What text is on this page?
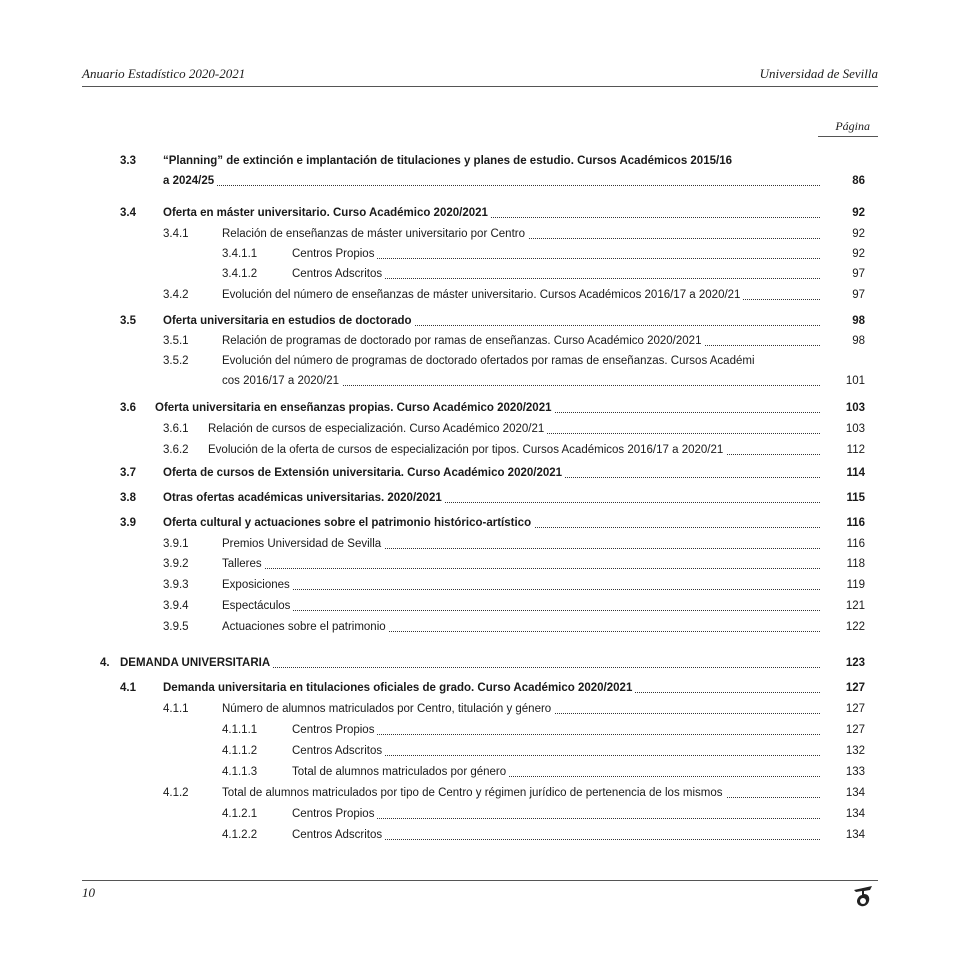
Anuario Estadístico 2020-2021	Universidad de Sevilla
Página
3.3 “Planning” de extinción e implantación de titulaciones y planes de estudio. Cursos Académicos 2015/16
a 2024/25	86
3.4 Oferta en máster universitario. Curso Académico 2020/2021	92
3.4.1	Relación de enseñanzas de máster universitario por Centro	92
3.4.1.1	Centros Propios	92
3.4.1.2	Centros Adscritos	97
3.4.2	Evolución del número de enseñanzas de máster universitario. Cursos Académicos 2016/17 a 2020/21	97
3.5 Oferta universitaria en estudios de doctorado	98
3.5.1	Relación de programas de doctorado por ramas de enseñanzas. Curso Académico 2020/2021	98
3.5.2	Evolución del número de programas de doctorado ofertados por ramas de enseñanzas. Cursos Académi
cos 2016/17 a 2020/21	101
3.6 Oferta universitaria en enseñanzas propias. Curso Académico 2020/2021	103
3.6.1 Relación de cursos de especialización. Curso Académico 2020/21	103
3.6.2 Evolución de la oferta de cursos de especialización por tipos. Cursos Académicos 2016/17 a 2020/21	112
3.7 Oferta de cursos de Extensión universitaria. Curso Académico 2020/2021	114
3.8 Otras ofertas académicas universitarias. 2020/2021	115
3.9 Oferta cultural y actuaciones sobre el patrimonio histórico-artístico	116
3.9.1	Premios Universidad de Sevilla	116
3.9.2	Talleres	118
3.9.3	Exposiciones	119
3.9.4	Espectáculos	121
3.9.5	Actuaciones sobre el patrimonio	122
4. DEMANDA UNIVERSITARIA	123
4.1 Demanda universitaria en titulaciones oficiales de grado. Curso Académico 2020/2021	127
4.1.1	Número de alumnos matriculados por Centro, titulación y género	127
4.1.1.1	Centros Propios	127
4.1.1.2	Centros Adscritos	132
4.1.1.3	Total de alumnos matriculados por género	133
4.1.2	Total de alumnos matriculados por tipo de Centro y régimen jurídico de pertenencia de los mismos	134
4.1.2.1	Centros Propios	134
4.1.2.2	Centros Adscritos	134
10
